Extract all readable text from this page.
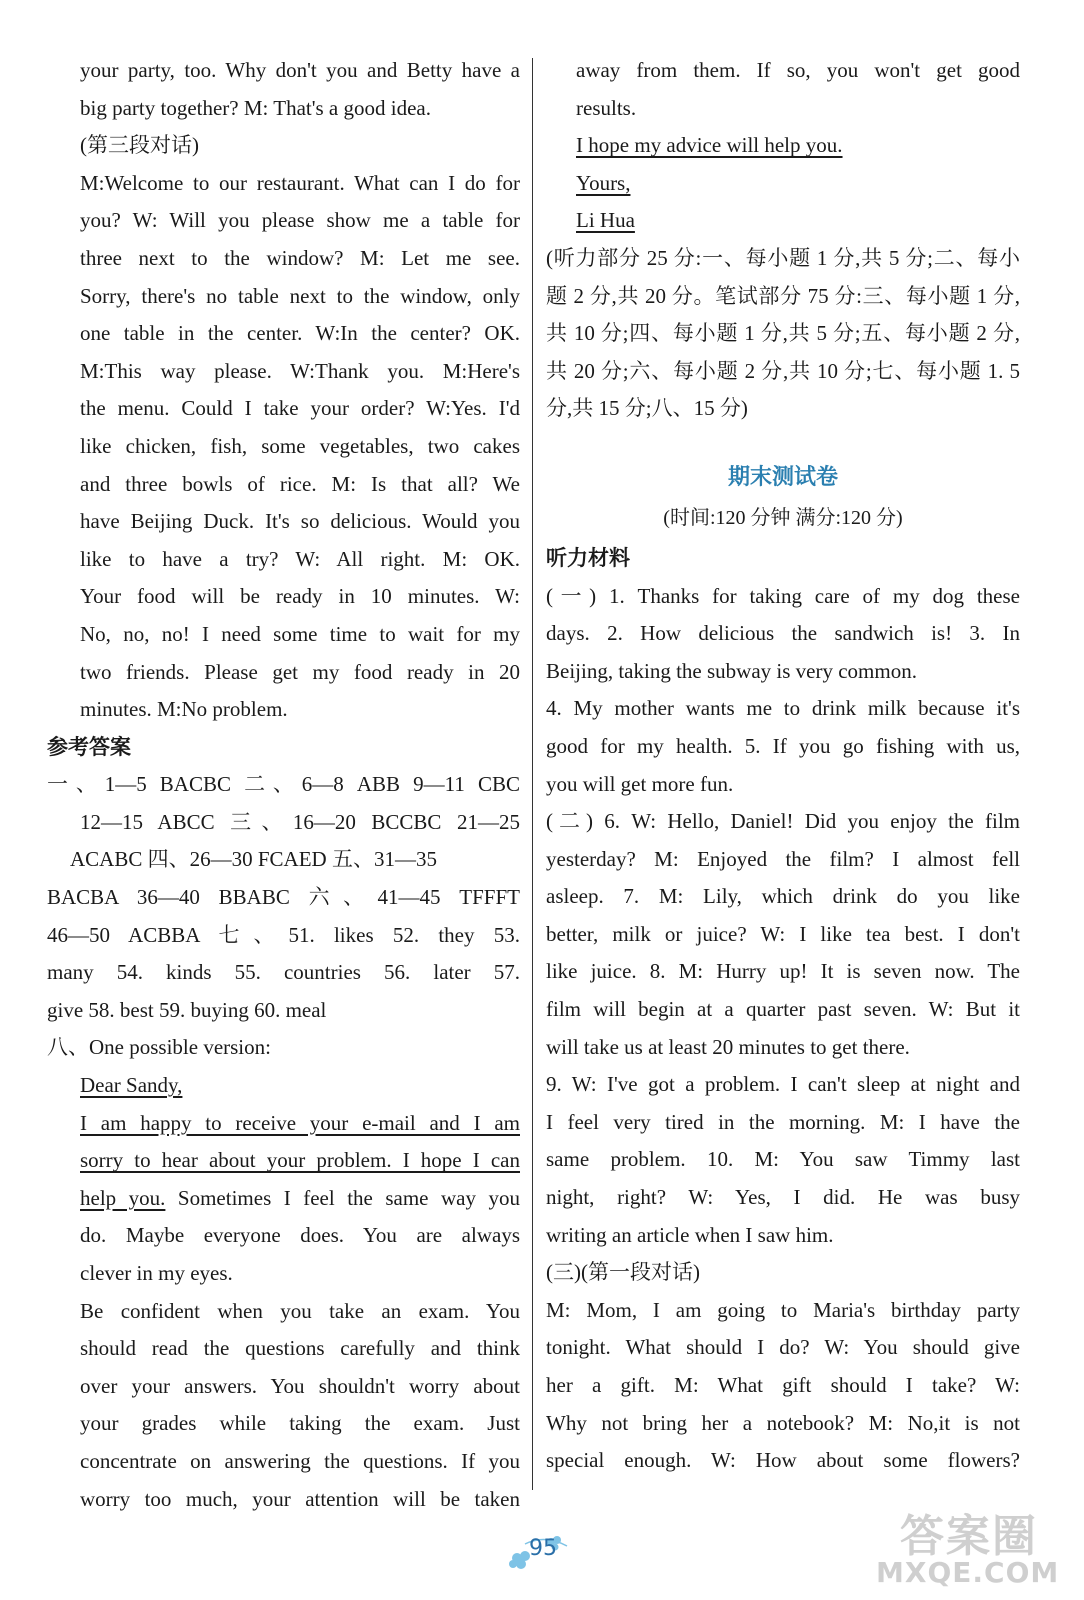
your party, too. Why don't you and Betty have a
big party together? M: That's a good idea.
(第三段对话)
M:Welcome to our restaurant. What can I do for
you? W: Will you please show me a table for
three next to the window? M: Let me see.
Sorry, there's no table next to the window, only
one table in the center. W:In the center? OK.
M:This way please. W:Thank you. M:Here's
the menu. Could I take your order? W:Yes. I'd
like chicken, fish, some vegetables, two cakes
and three bowls of rice. M: Is that all? We
have Beijing Duck. It's so delicious. Would you
like to have a try? W: All right. M: OK.
Your food will be ready in 10 minutes. W:
No, no, no! I need some time to wait for my
two friends. Please get my food ready in 20
minutes. M:No problem.
参考答案
一、1—5 BACBC 二、6—8 ABB 9—11 CBC
12—15 ABCC 三、16—20 BCCBC 21—25
ACABC 四、26—30 FCAED 五、31—35
BACBA 36—40 BBABC 六、41—45 TFFFT
46—50 ACBBA 七、51. likes 52. they 53.
many 54. kinds 55. countries 56. later 57.
give 58. best 59. buying 60. meal
八、One possible version:
Dear Sandy,
I am happy to receive your e-mail and I am
sorry to hear about your problem. I hope I can
help you. Sometimes I feel the same way you
do. Maybe everyone does. You are always
clever in my eyes.
Be confident when you take an exam. You
should read the questions carefully and think
over your answers. You shouldn't worry about
your grades while taking the exam. Just
concentrate on answering the questions. If you
worry too much, your attention will be taken
away from them. If so, you won't get good
results.
I hope my advice will help you.
Yours,
Li Hua
(听力部分 25 分:一、每小题 1 分,共 5 分;二、每小
题 2 分,共 20 分。笔试部分 75 分:三、每小题 1 分,
共 10 分;四、每小题 1 分,共 5 分;五、每小题 2 分,
共 20 分;六、每小题 2 分,共 10 分;七、每小题 1. 5
分,共 15 分;八、15 分)
期末测试卷
(时间:120 分钟 满分:120 分)
听力材料
(一) 1. Thanks for taking care of my dog these
days. 2. How delicious the sandwich is! 3. In
Beijing, taking the subway is very common.
4. My mother wants me to drink milk because it's
good for my health. 5. If you go fishing with us,
you will get more fun.
(二) 6. W: Hello, Daniel! Did you enjoy the film
yesterday? M: Enjoyed the film? I almost fell
asleep. 7. M: Lily, which drink do you like
better, milk or juice? W: I like tea best. I don't
like juice. 8. M: Hurry up! It is seven now. The
film will begin at a quarter past seven. W: But it
will take us at least 20 minutes to get there.
9. W: I've got a problem. I can't sleep at night and
I feel very tired in the morning. M: I have the
same problem. 10. M: You saw Timmy last
night, right? W: Yes, I did. He was busy
writing an article when I saw him.
(三)(第一段对话)
M: Mom, I am going to Maria's birthday party
tonight. What should I do? W: You should give
her a gift. M: What gift should I take? W:
Why not bring her a notebook? M: No,it is not
special enough. W: How about some flowers?
95	答案圈
MXQE.COM
